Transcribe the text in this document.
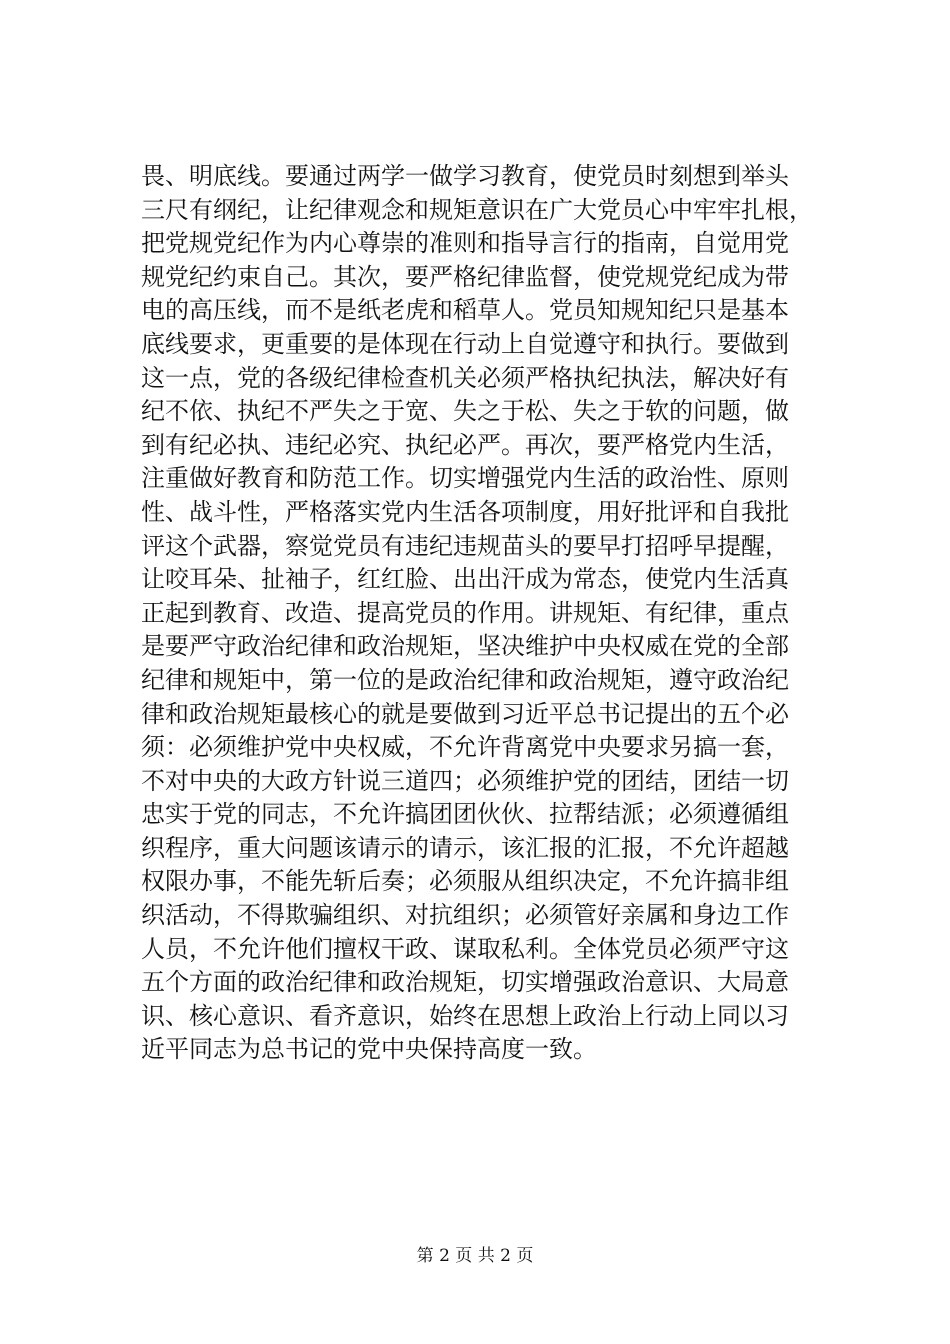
畏、明底线。要通过两学一做学习教育，使党员时刻想到举头
三尺有纲纪，让纪律观念和规矩意识在广大党员心中牢牢扎根，
把党规党纪作为内心尊崇的准则和指导言行的指南，自觉用党
规党纪约束自己。其次，要严格纪律监督，使党规党纪成为带
电的高压线，而不是纸老虎和稻草人。党员知规知纪只是基本
底线要求，更重要的是体现在行动上自觉遵守和执行。要做到
这一点，党的各级纪律检查机关必须严格执纪执法，解决好有
纪不依、执纪不严失之于宽、失之于松、失之于软的问题，做
到有纪必执、违纪必究、执纪必严。再次，要严格党内生活，
注重做好教育和防范工作。切实增强党内生活的政治性、原则
性、战斗性，严格落实党内生活各项制度，用好批评和自我批
评这个武器，察觉党员有违纪违规苗头的要早打招呼早提醒，
让咬耳朵、扯袖子，红红脸、出出汗成为常态，使党内生活真
正起到教育、改造、提高党员的作用。讲规矩、有纪律，重点
是要严守政治纪律和政治规矩，坚决维护中央权威在党的全部
纪律和规矩中，第一位的是政治纪律和政治规矩，遵守政治纪
律和政治规矩最核心的就是要做到习近平总书记提出的五个必
须：必须维护党中央权威，不允许背离党中央要求另搞一套，
不对中央的大政方针说三道四；必须维护党的团结，团结一切
忠实于党的同志，不允许搞团团伙伙、拉帮结派；必须遵循组
织程序，重大问题该请示的请示，该汇报的汇报，不允许超越
权限办事，不能先斩后奏；必须服从组织决定，不允许搞非组
织活动，不得欺骗组织、对抗组织；必须管好亲属和身边工作
人员，不允许他们擅权干政、谋取私利。全体党员必须严守这
五个方面的政治纪律和政治规矩，切实增强政治意识、大局意
识、核心意识、看齐意识，始终在思想上政治上行动上同以习
近平同志为总书记的党中央保持高度一致。
第 2 页 共 2 页
